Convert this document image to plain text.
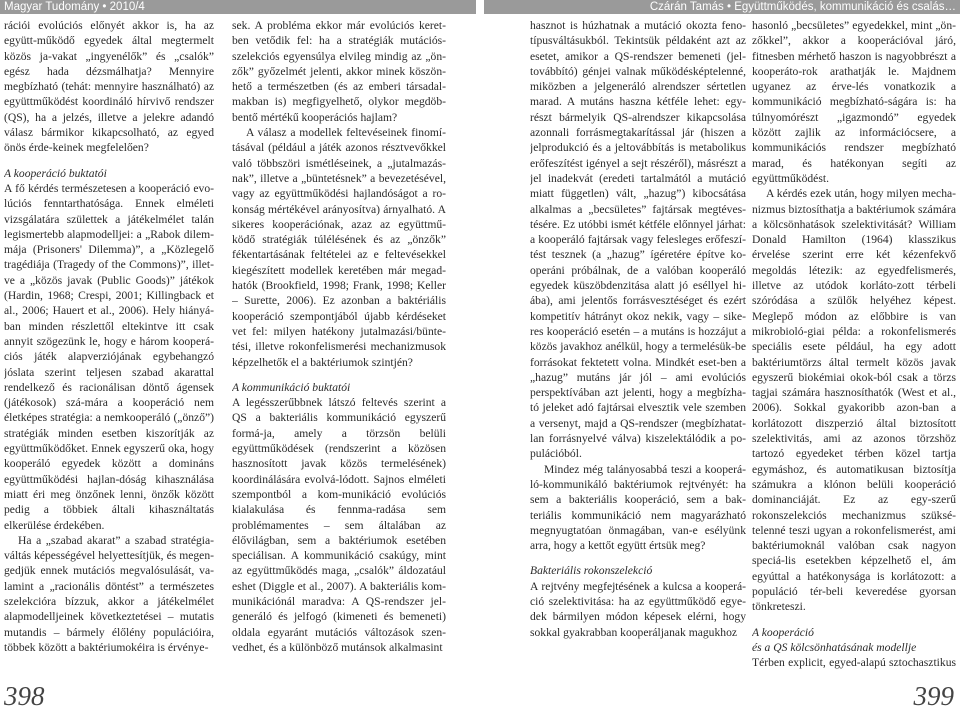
Magyar Tudomány • 2010/4	Czárán Tamás • Együttműködés, kommunikáció és csalás…

rációi evolúciós előnyét akkor is, ha az együtt-működő egyedek által megtermelt közös ja-vakat „ingyenélők” és „csalók” egész hada dézsmálhatja? Mennyire megbízható (tehát: mennyire használható) az együttműködést koordináló hírvivő rendszer (QS), ha a jelzés, illetve a jelekre adandó válasz bármikor kikapcsolható, az egyed önös érde-keinek megfelelően?

A kooperáció buktatói

A fő kérdés természetesen a kooperáció evo-lúciós fenntarthatósága. Ennek elméleti vizsgálatára születtek a játékelmélet talán legismertebb alapmodelljei: a „Rabok dilem-mája (Prisoners' Dilemma)”, a „Közlegelő tragédiája (Tragedy of the Commons)”, illet-ve a „közös javak (Public Goods)” játékok (Hardin, 1968; Crespi, 2001; Killingback et al., 2006; Hauert et al., 2006). Hely hiányá-ban minden részlettől eltekintve itt csak annyit szögezünk le, hogy e három kooperá-ciós játék alapverziójának egybehangzó jóslata szerint teljesen szabad akarattal rendelkező és racionálisan döntő ágensek (játékosok) szá-mára a kooperáció nem életképes stratégia: a nemkooperáló („önző”) stratégiák minden esetben kiszorítják az együttműködőket. Ennek egyszerű oka, hogy kooperáló egyedek között a domináns együttműködési hajlan-dóság kihasználása miatt éri meg önzőnek lenni, önzők között pedig a többiek általi kihasználtatás elkerülése érdekében.

Ha a „szabad akarat” a szabad stratégia-váltás képességével helyettesítjük, és megen-gedjük ennek mutációs megvalósulását, va-lamint a „racionális döntést” a természetes szelekcióra bízzuk, akkor a játékelmélet alapmodelljeinek következtetései – mutatis mutandis – bármely élőlény populációira, többek között a baktériumokéira is érvénye-

sek. A probléma ekkor már evolúciós keret-ben vetődik fel: ha a stratégiák mutációs-szelekciós egyensúlya elvileg mindig az „ön-zők” győzelmét jelenti, akkor minek köszön-hető a természetben (és az emberi társadal-makban is) megfigyelhető, olykor megdöb-bentő mértékű kooperációs hajlam?

A válasz a modellek feltevéseinek finomí-tásával (például a játék azonos résztvevőkkel való többszöri ismétléseinek, a „jutalmazás-nak”, illetve a „büntetésnek” a bevezetésével, vagy az együttműködési hajlandóságot a ro-konság mértékével arányosítva) árnyalható. A sikeres kooperációnak, azaz az együttmű-ködő stratégiák túlélésének és az „önzők” fékentartásának feltételei az e feltevésekkel kiegészített modellek keretében már megad-hatók (Brookfield, 1998; Frank, 1998; Keller – Surette, 2006). Ez azonban a baktériális kooperáció szempontjából újabb kérdéseket vet fel: milyen hatékony jutalmazási/bünte-tési, illetve rokonfelismerési mechanizmusok képzelhetők el a baktériumok szintjén?

A kommunikáció buktatói

A legésszerűbbnek látszó feltevés szerint a QS a bakteriális kommunikáció egyszerű formá-ja, amely a törzsön belüli együttműködések (rendszerint a közösen hasznosított javak közös termelésének) koordinálására evolvá-lódott. Sajnos elméleti szempontból a kom-munikáció evolúciós kialakulása és fennma-radása sem problémamentes – sem általában az élővilágban, sem a baktériumok esetében speciálisan. A kommunikáció csakúgy, mint az együttműködés maga, „csalók” áldozatául eshet (Diggle et al., 2007). A bakteriális kom-munikációnál maradva: A QS-rendszer jel-generáló és jelfogó (kimeneti és bemeneti) oldala egyaránt mutációs változások szen-vedhet, és a különböző mutánsok alkalmasint

hasznot is húzhatnak a mutáció okozta feno-típusváltásukból. Tekintsük példaként azt az esetet, amikor a QS-rendszer bemeneti (jel-továbbító) génjei valnak működésképtelenné, miközben a jelgeneráló alrendszer sértetlen marad. A mutáns haszna kétféle lehet: egy-részt bármelyik QS-alrendszer kikapcsolása azonnali forrásmegtakarítással jár (hiszen a jelprodukció és a jeltovábbítás is metabolikus erőfeszítést igényel a sejt részéről), másrészt a jel inadekvát (eredeti tartalmától a mutáció miatt független) vált, „hazug”) kibocsátása alkalmas a „becsületes” fajtársak megtéves-tésére. Ez utóbbi ismét kétféle előnnyel járhat: a kooperáló fajtársak vagy felesleges erőfeszí-tést tesznek (a „hazug” ígéretére építve ko-operáni próbálnak, de a valóban kooperáló egyedek küszöbdenzitása alatt jó eséllyel hi-ába), ami jelentős forrásvesztéséget és ezért kompetitív hátrányt okoz nekik, vagy – sike-res kooperáció esetén – a mutáns is hozzájut a közös javakhoz anélkül, hogy a termelésük-be forrásokat fektetett volna. Mindkét eset-ben a „hazug” mutáns jár jól – ami evolúciós perspektívában azt jelenti, hogy a megbízha-tó jeleket adó fajtársai elvesztik vele szemben a versenyt, majd a QS-rendszer (megbízhatat-lan forrásnyelvé válva) kiszelektálódik a po-pulációból.

Mindez még talányosabbá teszi a kooperá-ló-kommunikáló baktériumok rejtvényét: ha sem a bakteriális kooperáció, sem a bak-teriális kommunikáció nem magyarázható megnyugtatóan önmagában, van-e esélyünk arra, hogy a kettőt együtt értsük meg?

Bakteriális rokonszelekció

A rejtvény megfejtésének a kulcsa a kooperá-ció szelektivitása: ha az együttműködő egye-dek bármilyen módon képesek elérni, hogy sokkal gyakrabban kooperáljanak magukhoz

hasonló „becsületes” egyedekkel, mint „ön-zőkkel”, akkor a kooperációval járó, fitnesben mérhető haszon is nagyobbrészt a kooperáto-rok arathatják le. Majdnem ugyanez az érve-lés vonatkozik a kommunikáció megbízható-ságára is: ha túlnyomórészt „igazmondó” egyedek között zajlik az információcsere, a kommunikációs rendszer megbízható marad, és hatékonyan segíti az együttműködést.

A kérdés ezek után, hogy milyen mecha-nizmus biztosíthatja a baktériumok számára a kölcsönhatások szelektivitását? William Donald Hamilton (1964) klasszikus érvelése szerint erre két kézenfekvő megoldás létezik: az egyedfelismerés, illetve az utódok korláto-zott térbeli szóródása a szülők helyéhez képest. Meglepő módon az előbbire is van mikrobioló-giai példa: a rokonfelismerés speciális esete például, ha egy adott baktériumtörzs által termelt közös javak egyszerű biokémiai okok-ból csak a törzs tagjai számára hasznosíthatók (West et al., 2006). Sokkal gyakoribb azon-ban a korlátozott diszperzió által biztosított szelektivitás, ami az azonos törzshöz tartozó egyedeket térben közel tartja egymáshoz, és automatikusan biztosítja számukra a klónon belüli kooperáció dominanciáját. Ez az egy-szerű rokonszelekciós mechanizmus szüksé-telenné teszi ugyan a rokonfelismerést, ami baktériumoknál valóban csak nagyon speciá-lis esetekben képzelhető el, ám egyúttal a hatékonysága is korlátozott: a populáció tér-beli keveredése gyorsan tönkreteszi.

A kooperáció
és a QS kölcsönhatásának modellje

Térben explicit, egyed-alapú sztochasztikus

398	399
